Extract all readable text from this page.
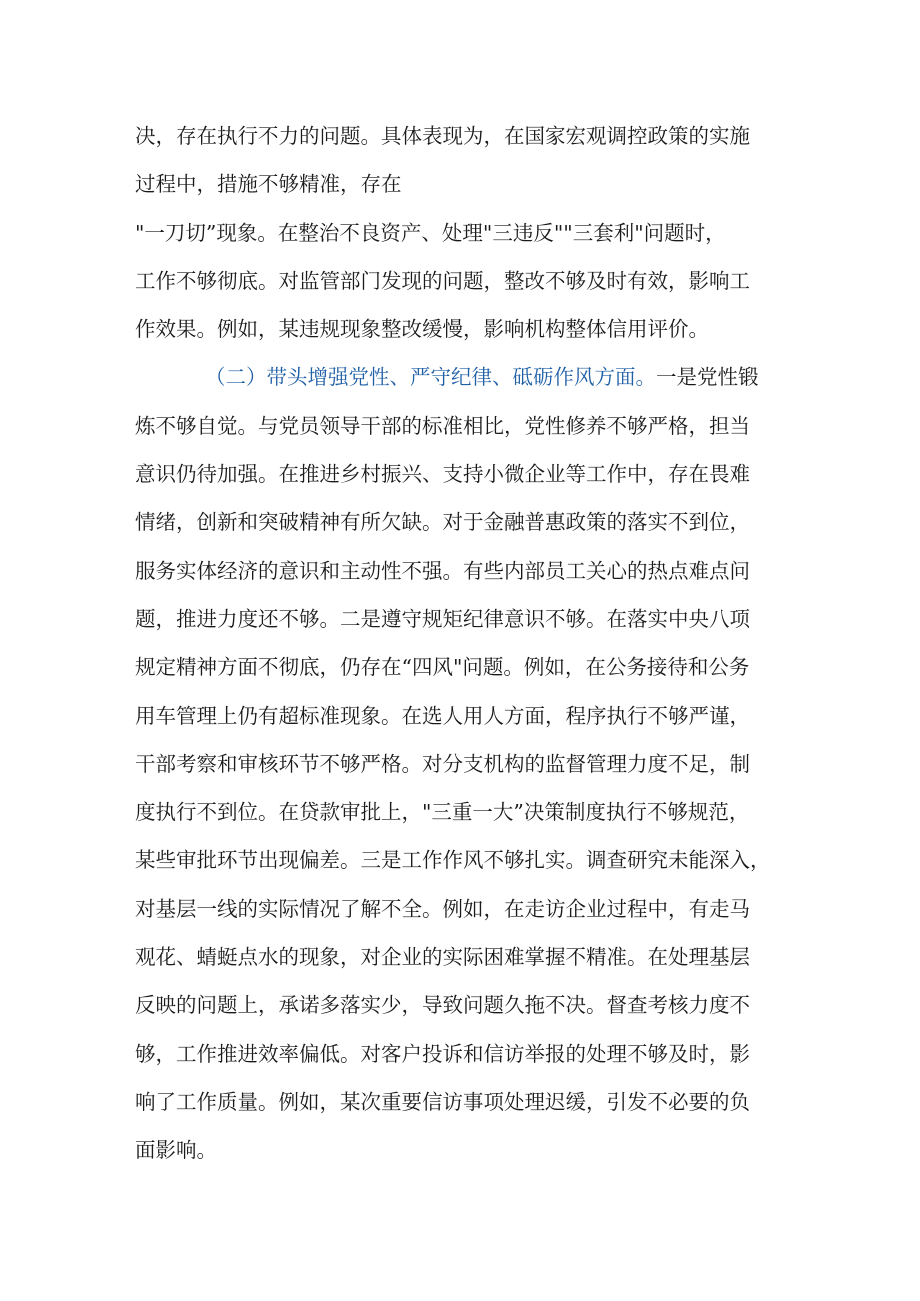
决，存在执行不力的问题。具体表现为，在国家宏观调控政策的实施
过程中，措施不够精准，存在
"一刀切”现象。在整治不良资产、处理"三违反""三套利"问题时，
工作不够彻底。对监管部门发现的问题，整改不够及时有效，影响工
作效果。例如，某违规现象整改缓慢，影响机构整体信用评价。
（二）带头增强党性、严守纪律、砥砺作风方面。一是党性锻
炼不够自觉。与党员领导干部的标准相比，党性修养不够严格，担当
意识仍待加强。在推进乡村振兴、支持小微企业等工作中，存在畏难
情绪，创新和突破精神有所欠缺。对于金融普惠政策的落实不到位，
服务实体经济的意识和主动性不强。有些内部员工关心的热点难点问
题，推进力度还不够。二是遵守规矩纪律意识不够。在落实中央八项
规定精神方面不彻底，仍存在“四风"问题。例如，在公务接待和公务
用车管理上仍有超标准现象。在选人用人方面，程序执行不够严谨，
干部考察和审核环节不够严格。对分支机构的监督管理力度不足，制
度执行不到位。在贷款审批上，"三重一大”决策制度执行不够规范，
某些审批环节出现偏差。三是工作作风不够扎实。调查研究未能深入，
对基层一线的实际情况了解不全。例如，在走访企业过程中，有走马
观花、蜻蜓点水的现象，对企业的实际困难掌握不精准。在处理基层
反映的问题上，承诺多落实少，导致问题久拖不决。督查考核力度不
够，工作推进效率偏低。对客户投诉和信访举报的处理不够及时，影
响了工作质量。例如，某次重要信访事项处理迟缓，引发不必要的负
面影响。
